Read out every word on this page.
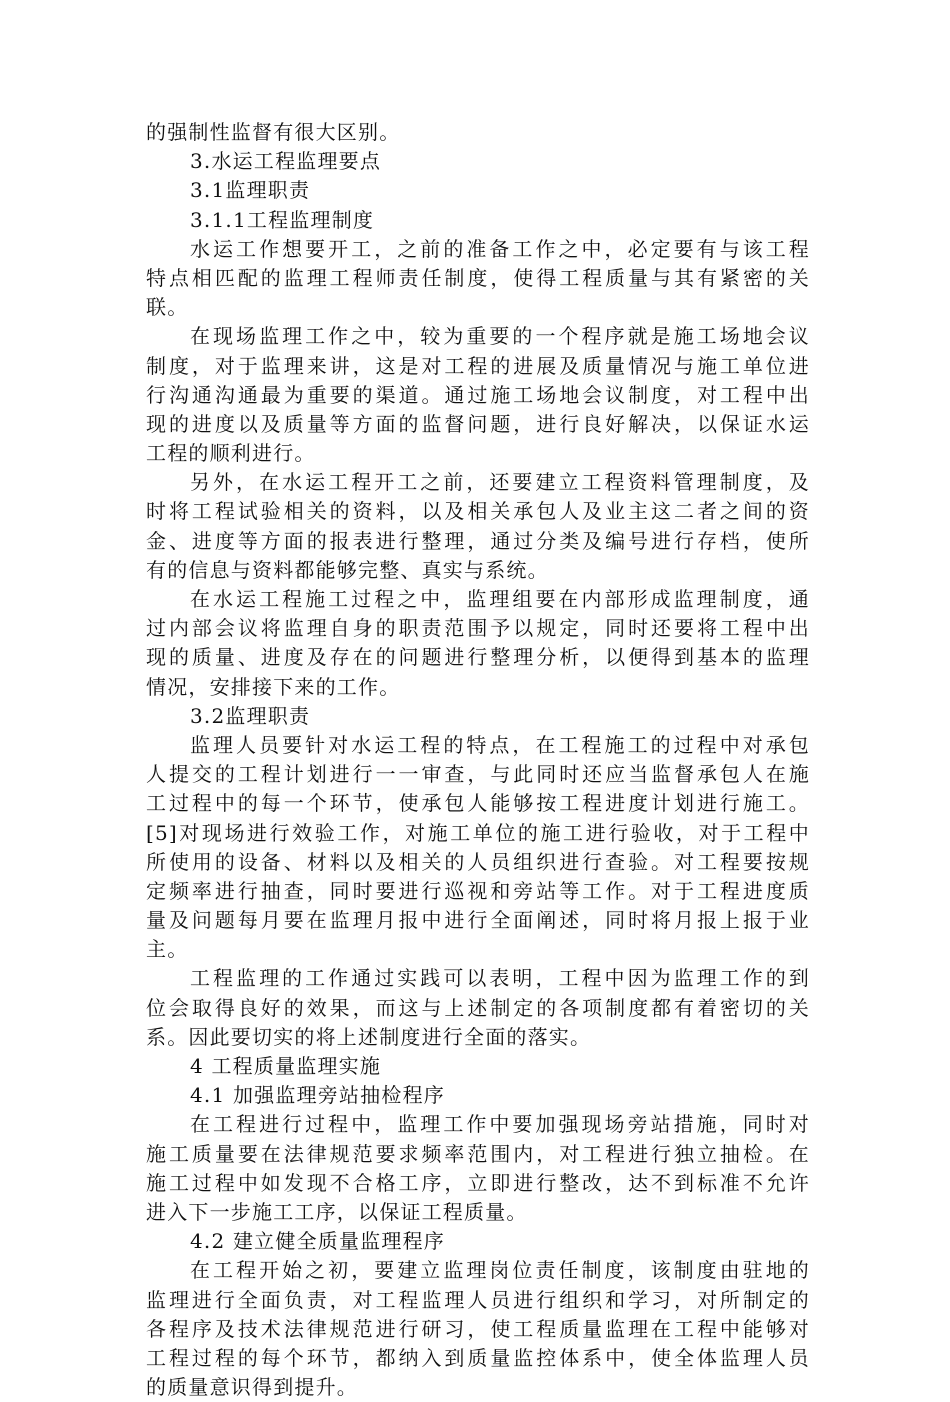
的强制性监督有很大区别。
3.水运工程监理要点
3.1监理职责
3.1.1工程监理制度
水运工作想要开工，之前的准备工作之中，必定要有与该工程
特点相匹配的监理工程师责任制度，使得工程质量与其有紧密的关
联。
在现场监理工作之中，较为重要的一个程序就是施工场地会议
制度，对于监理来讲，这是对工程的进展及质量情况与施工单位进
行沟通沟通最为重要的渠道。通过施工场地会议制度，对工程中出
现的进度以及质量等方面的监督问题，进行良好解决，以保证水运
工程的顺利进行。
另外，在水运工程开工之前，还要建立工程资料管理制度，及
时将工程试验相关的资料，以及相关承包人及业主这二者之间的资
金、进度等方面的报表进行整理，通过分类及编号进行存档，使所
有的信息与资料都能够完整、真实与系统。
在水运工程施工过程之中，监理组要在内部形成监理制度，通
过内部会议将监理自身的职责范围予以规定，同时还要将工程中出
现的质量、进度及存在的问题进行整理分析，以便得到基本的监理
情况，安排接下来的工作。
3.2监理职责
监理人员要针对水运工程的特点，在工程施工的过程中对承包
人提交的工程计划进行一一审查，与此同时还应当监督承包人在施
工过程中的每一个环节，使承包人能够按工程进度计划进行施工。
[5]对现场进行效验工作，对施工单位的施工进行验收，对于工程中
所使用的设备、材料以及相关的人员组织进行查验。对工程要按规
定频率进行抽查，同时要进行巡视和旁站等工作。对于工程进度质
量及问题每月要在监理月报中进行全面阐述，同时将月报上报于业
主。
工程监理的工作通过实践可以表明，工程中因为监理工作的到
位会取得良好的效果，而这与上述制定的各项制度都有着密切的关
系。因此要切实的将上述制度进行全面的落实。
4 工程质量监理实施
4.1 加强监理旁站抽检程序
在工程进行过程中，监理工作中要加强现场旁站措施，同时对
施工质量要在法律规范要求频率范围内，对工程进行独立抽检。在
施工过程中如发现不合格工序，立即进行整改，达不到标准不允许
进入下一步施工工序，以保证工程质量。
4.2 建立健全质量监理程序
在工程开始之初，要建立监理岗位责任制度，该制度由驻地的
监理进行全面负责，对工程监理人员进行组织和学习，对所制定的
各程序及技术法律规范进行研习，使工程质量监理在工程中能够对
工程过程的每个环节，都纳入到质量监控体系中，使全体监理人员
的质量意识得到提升。
